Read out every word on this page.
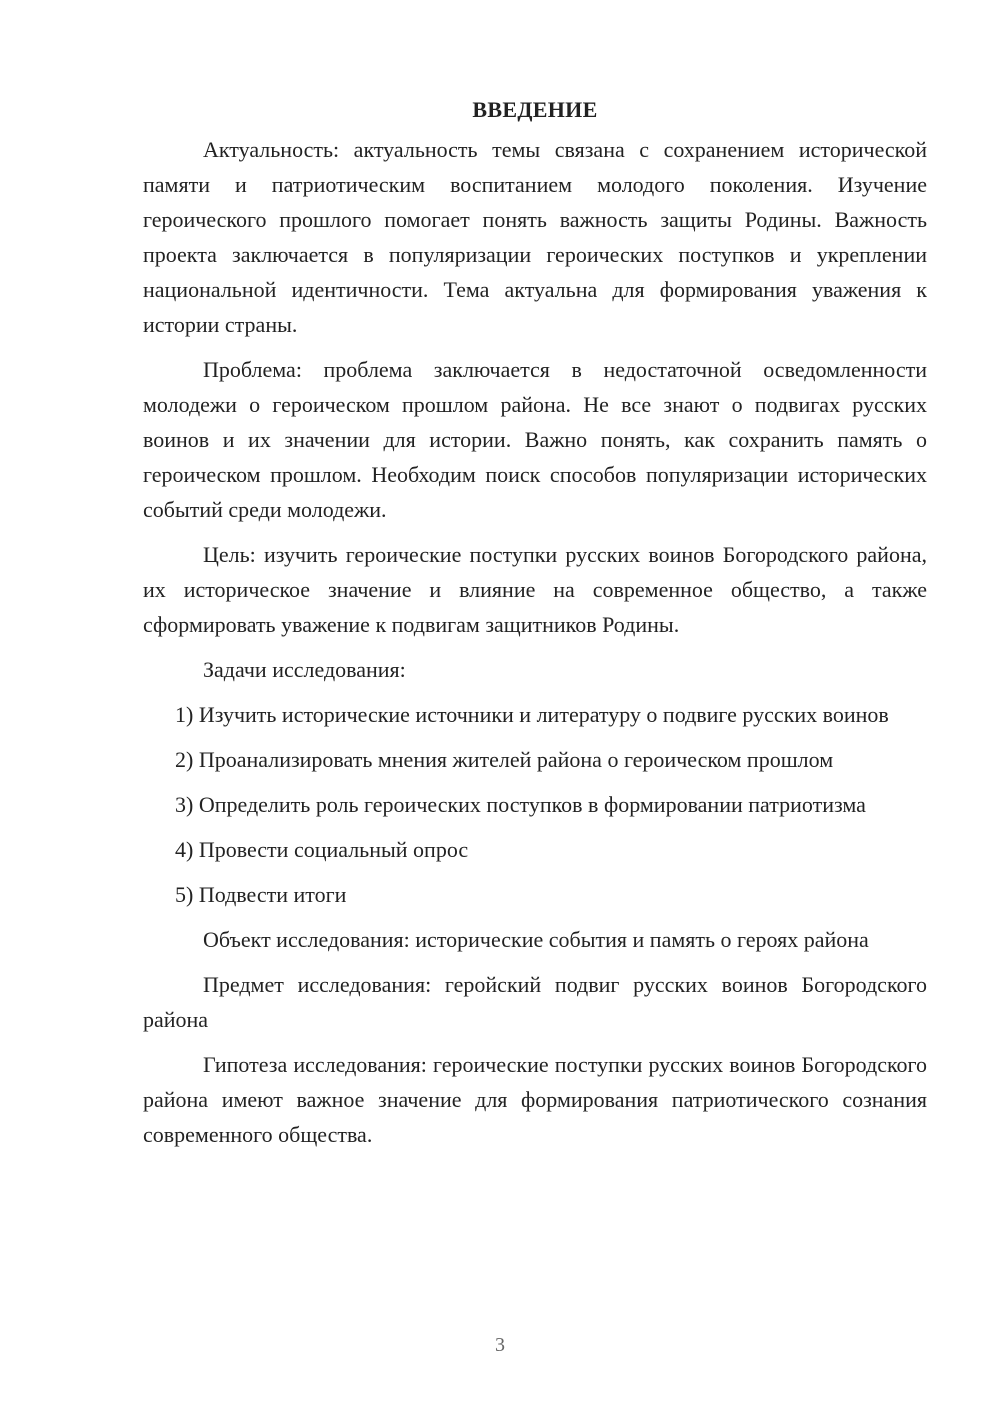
ВВЕДЕНИЕ

Актуальность: актуальность темы связана с сохранением исторической памяти и патриотическим воспитанием молодого поколения. Изучение героического прошлого помогает понять важность защиты Родины. Важность проекта заключается в популяризации героических поступков и укреплении национальной идентичности. Тема актуальна для формирования уважения к истории страны.

Проблема: проблема заключается в недостаточной осведомленности молодежи о героическом прошлом района. Не все знают о подвигах русских воинов и их значении для истории. Важно понять, как сохранить память о героическом прошлом. Необходим поиск способов популяризации исторических событий среди молодежи.

Цель: изучить героические поступки русских воинов Богородского района, их историческое значение и влияние на современное общество, а также сформировать уважение к подвигам защитников Родины.

Задачи исследования:

1) Изучить исторические источники и литературу о подвиге русских воинов

2) Проанализировать мнения жителей района о героическом прошлом

3) Определить роль героических поступков в формировании патриотизма

4) Провести социальный опрос

5) Подвести итоги

Объект исследования: исторические события и память о героях района

Предмет исследования: геройский подвиг русских воинов Богородского района

Гипотеза исследования: героические поступки русских воинов Богородского района имеют важное значение для формирования патриотического сознания современного общества.

3
